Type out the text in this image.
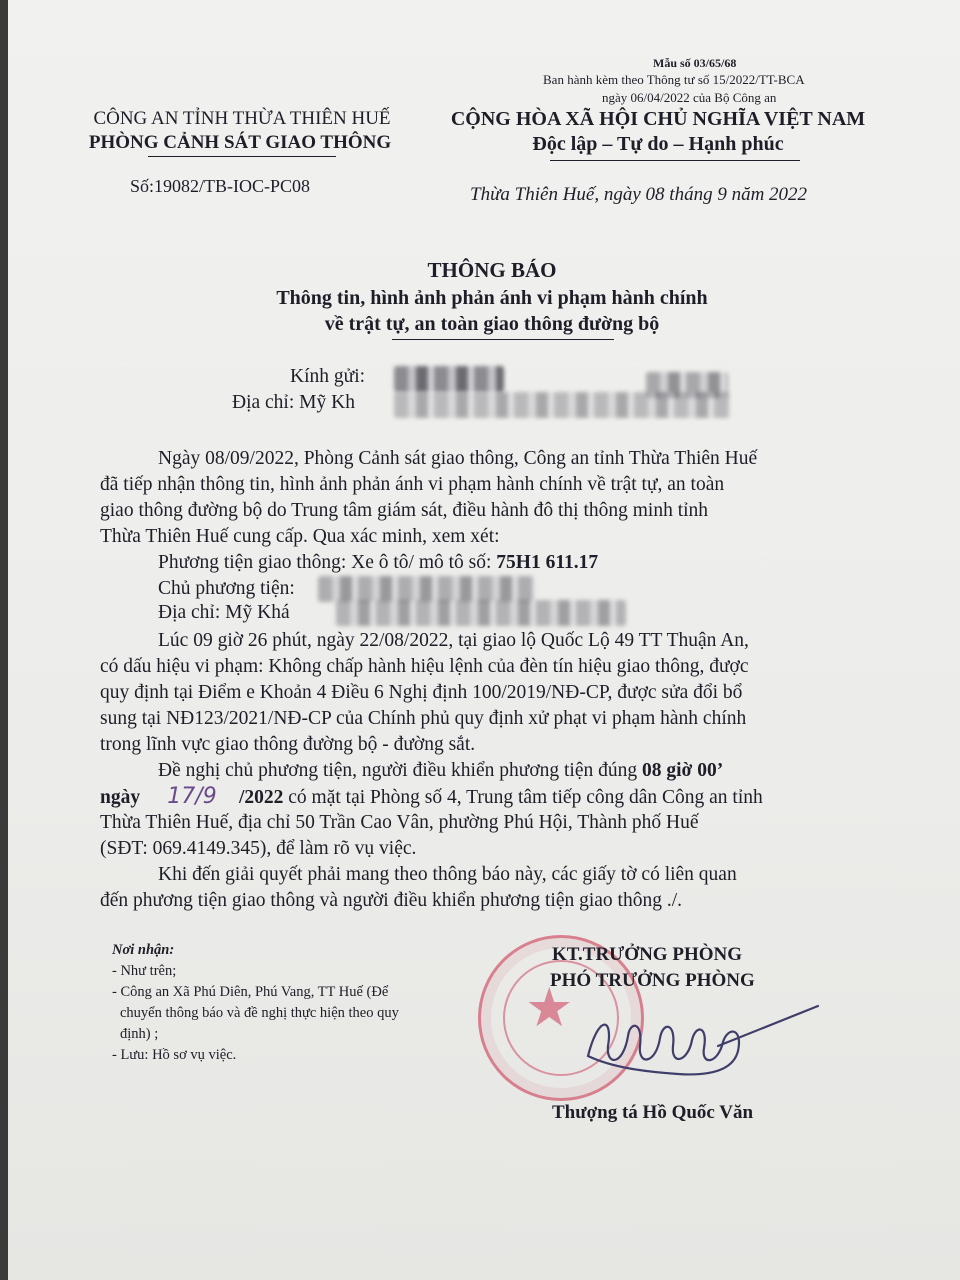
Mẫu số 03/65/68
Ban hành kèm theo Thông tư số 15/2022/TT-BCA
ngày 06/04/2022 của Bộ Công an
CÔNG AN TỈNH THỪA THIÊN HUẾ
PHÒNG CẢNH SÁT GIAO THÔNG
Số:19082/TB-IOC-PC08
CỘNG HÒA XÃ HỘI CHỦ NGHĨA VIỆT NAM
Độc lập – Tự do – Hạnh phúc
Thừa Thiên Huế, ngày 08 tháng 9 năm 2022
THÔNG BÁO
Thông tin, hình ảnh phản ánh vi phạm hành chính
về trật tự, an toàn giao thông đường bộ
Kính gửi:
Địa chỉ: Mỹ Kh
Ngày 08/09/2022, Phòng Cảnh sát giao thông, Công an tỉnh Thừa Thiên Huế
đã tiếp nhận thông tin, hình ảnh phản ánh vi phạm hành chính về trật tự, an toàn
giao thông đường bộ do Trung tâm giám sát, điều hành đô thị thông minh tỉnh
Thừa Thiên Huế cung cấp. Qua xác minh, xem xét:
Phương tiện giao thông: Xe ô tô/ mô tô số: 75H1 611.17
Chủ phương tiện:
Địa chỉ: Mỹ Khá
Lúc 09 giờ 26 phút, ngày 22/08/2022, tại giao lộ Quốc Lộ 49 TT Thuận An,
có dấu hiệu vi phạm: Không chấp hành hiệu lệnh của đèn tín hiệu giao thông, được
quy định tại Điểm e Khoản 4 Điều 6 Nghị định 100/2019/NĐ-CP, được sửa đổi bổ
sung tại NĐ123/2021/NĐ-CP của Chính phủ quy định xử phạt vi phạm hành chính
trong lĩnh vực giao thông đường bộ - đường sắt.
Đề nghị chủ phương tiện, người điều khiển phương tiện đúng 08 giờ 00’
ngày 17/9 /2022 có mặt tại Phòng số 4, Trung tâm tiếp công dân Công an tỉnh
Thừa Thiên Huế, địa chỉ 50 Trần Cao Vân, phường Phú Hội, Thành phố Huế
(SĐT: 069.4149.345), để làm rõ vụ việc.
Khi đến giải quyết phải mang theo thông báo này, các giấy tờ có liên quan
đến phương tiện giao thông và người điều khiển phương tiện giao thông ./.
Nơi nhận:
- Như trên;
- Công an Xã Phú Diên, Phú Vang, TT Huế (Để
chuyển thông báo và đề nghị thực hiện theo quy
định) ;
- Lưu: Hồ sơ vụ việc.
★
KT.TRƯỞNG PHÒNG
PHÓ TRƯỞNG PHÒNG
Thượng tá Hồ Quốc Văn
